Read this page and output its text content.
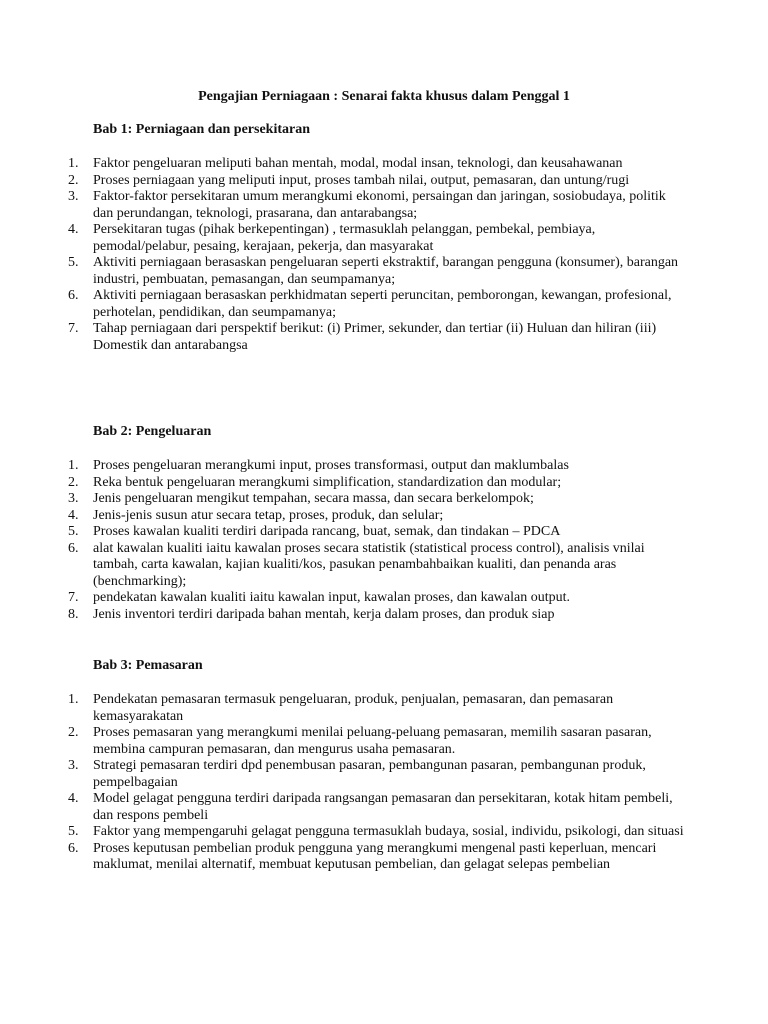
Pengajian Perniagaan : Senarai fakta khusus dalam Penggal 1
Bab 1: Perniagaan dan persekitaran
1.	Faktor pengeluaran meliputi bahan mentah, modal, modal insan, teknologi, dan keusahawanan
2.	Proses perniagaan yang meliputi input, proses tambah nilai, output, pemasaran, dan untung/rugi
3.	Faktor-faktor persekitaran umum merangkumi ekonomi, persaingan dan jaringan, sosiobudaya, politik dan perundangan, teknologi, prasarana, dan antarabangsa;
4.	Persekitaran tugas (pihak berkepentingan) , termasuklah pelanggan, pembekal, pembiaya, pemodal/pelabur, pesaing, kerajaan, pekerja, dan masyarakat
5.	Aktiviti perniagaan berasaskan pengeluaran seperti ekstraktif, barangan pengguna (konsumer), barangan industri, pembuatan, pemasangan, dan seumpamanya;
6.	Aktiviti perniagaan berasaskan perkhidmatan seperti peruncitan, pemborongan, kewangan, profesional, perhotelan, pendidikan, dan seumpamanya;
7.	Tahap perniagaan dari perspektif berikut: (i) Primer, sekunder, dan tertiar (ii) Huluan dan hiliran (iii) Domestik dan antarabangsa
Bab 2: Pengeluaran
1.	Proses pengeluaran merangkumi input, proses transformasi, output dan maklumbalas
2.	Reka bentuk pengeluaran merangkumi simplification, standardization dan modular;
3.	Jenis pengeluaran mengikut tempahan, secara massa, dan secara berkelompok;
4.	Jenis-jenis susun atur secara tetap, proses, produk, dan selular;
5.	Proses kawalan kualiti terdiri daripada rancang, buat, semak, dan tindakan – PDCA
6.	alat kawalan kualiti iaitu kawalan proses secara statistik (statistical process control), analisis vnilai tambah, carta kawalan, kajian kualiti/kos, pasukan penambahbaikan kualiti, dan penanda aras (benchmarking);
7.	pendekatan kawalan kualiti iaitu kawalan input, kawalan proses, dan kawalan output.
8.	Jenis inventori terdiri daripada bahan mentah, kerja dalam proses, dan produk siap
Bab 3: Pemasaran
1.	Pendekatan pemasaran termasuk pengeluaran, produk, penjualan, pemasaran, dan pemasaran kemasyarakatan
2.	Proses pemasaran yang merangkumi menilai peluang-peluang pemasaran, memilih sasaran pasaran, membina campuran pemasaran, dan mengurus usaha pemasaran.
3.	Strategi pemasaran terdiri dpd penembusan pasaran, pembangunan pasaran, pembangunan produk, pempelbagaian
4.	Model gelagat pengguna terdiri daripada rangsangan pemasaran dan persekitaran, kotak hitam pembeli, dan respons pembeli
5.	Faktor yang mempengaruhi gelagat pengguna termasuklah budaya, sosial, individu, psikologi, dan situasi
6.	Proses keputusan pembelian produk pengguna yang merangkumi mengenal pasti keperluan, mencari maklumat, menilai alternatif, membuat keputusan pembelian, dan gelagat selepas pembelian
